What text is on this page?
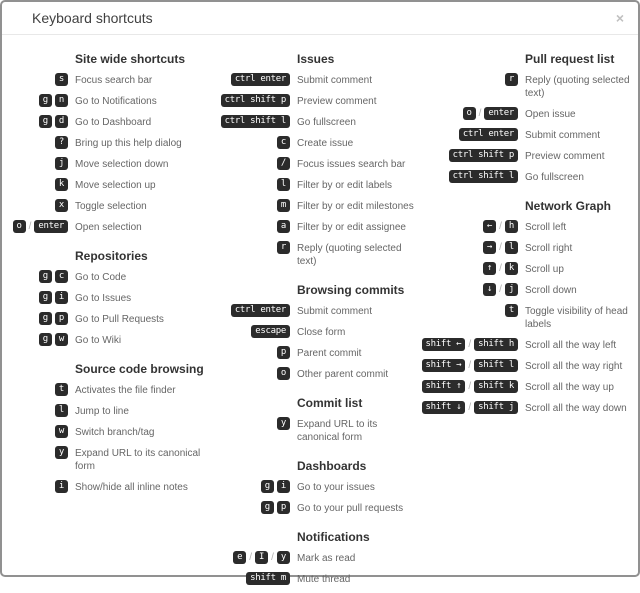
Keyboard shortcuts	×
Site wide shortcuts
s	Focus search bar
g	n	Go to Notifications
g	d	Go to Dashboard
?	Bring up this help dialog
j	Move selection down
k	Move selection up
x	Toggle selection
o / enter	Open selection
Repositories
g	c	Go to Code
g	i	Go to Issues
g	p	Go to Pull Requests
g	w	Go to Wiki
Source code browsing
t	Activates the file finder
l	Jump to line
w	Switch branch/tag
y	Expand URL to its canonical form
i	Show/hide all inline notes
Issues
ctrl enter	Submit comment
ctrl shift p	Preview comment
ctrl shift l	Go fullscreen
c	Create issue
/	Focus issues search bar
l	Filter by or edit labels
m	Filter by or edit milestones
a	Filter by or edit assignee
r	Reply (quoting selected text)
Browsing commits
ctrl enter	Submit comment
escape	Close form
p	Parent commit
o	Other parent commit
Commit list
y	Expand URL to its canonical form
Dashboards
g	i	Go to your issues
g	p	Go to your pull requests
Notifications
e / I / y	Mark as read
shift m	Mute thread
Pull request list
r	Reply (quoting selected text)
o / enter	Open issue
ctrl enter	Submit comment
ctrl shift p	Preview comment
ctrl shift l	Go fullscreen
Network Graph
← / h	Scroll left
→ / l	Scroll right
↑ / k	Scroll up
↓ / j	Scroll down
t	Toggle visibility of head labels
shift ← / shift h	Scroll all the way left
shift → / shift l	Scroll all the way right
shift ↑ / shift k	Scroll all the way up
shift ↓ / shift j	Scroll all the way down
